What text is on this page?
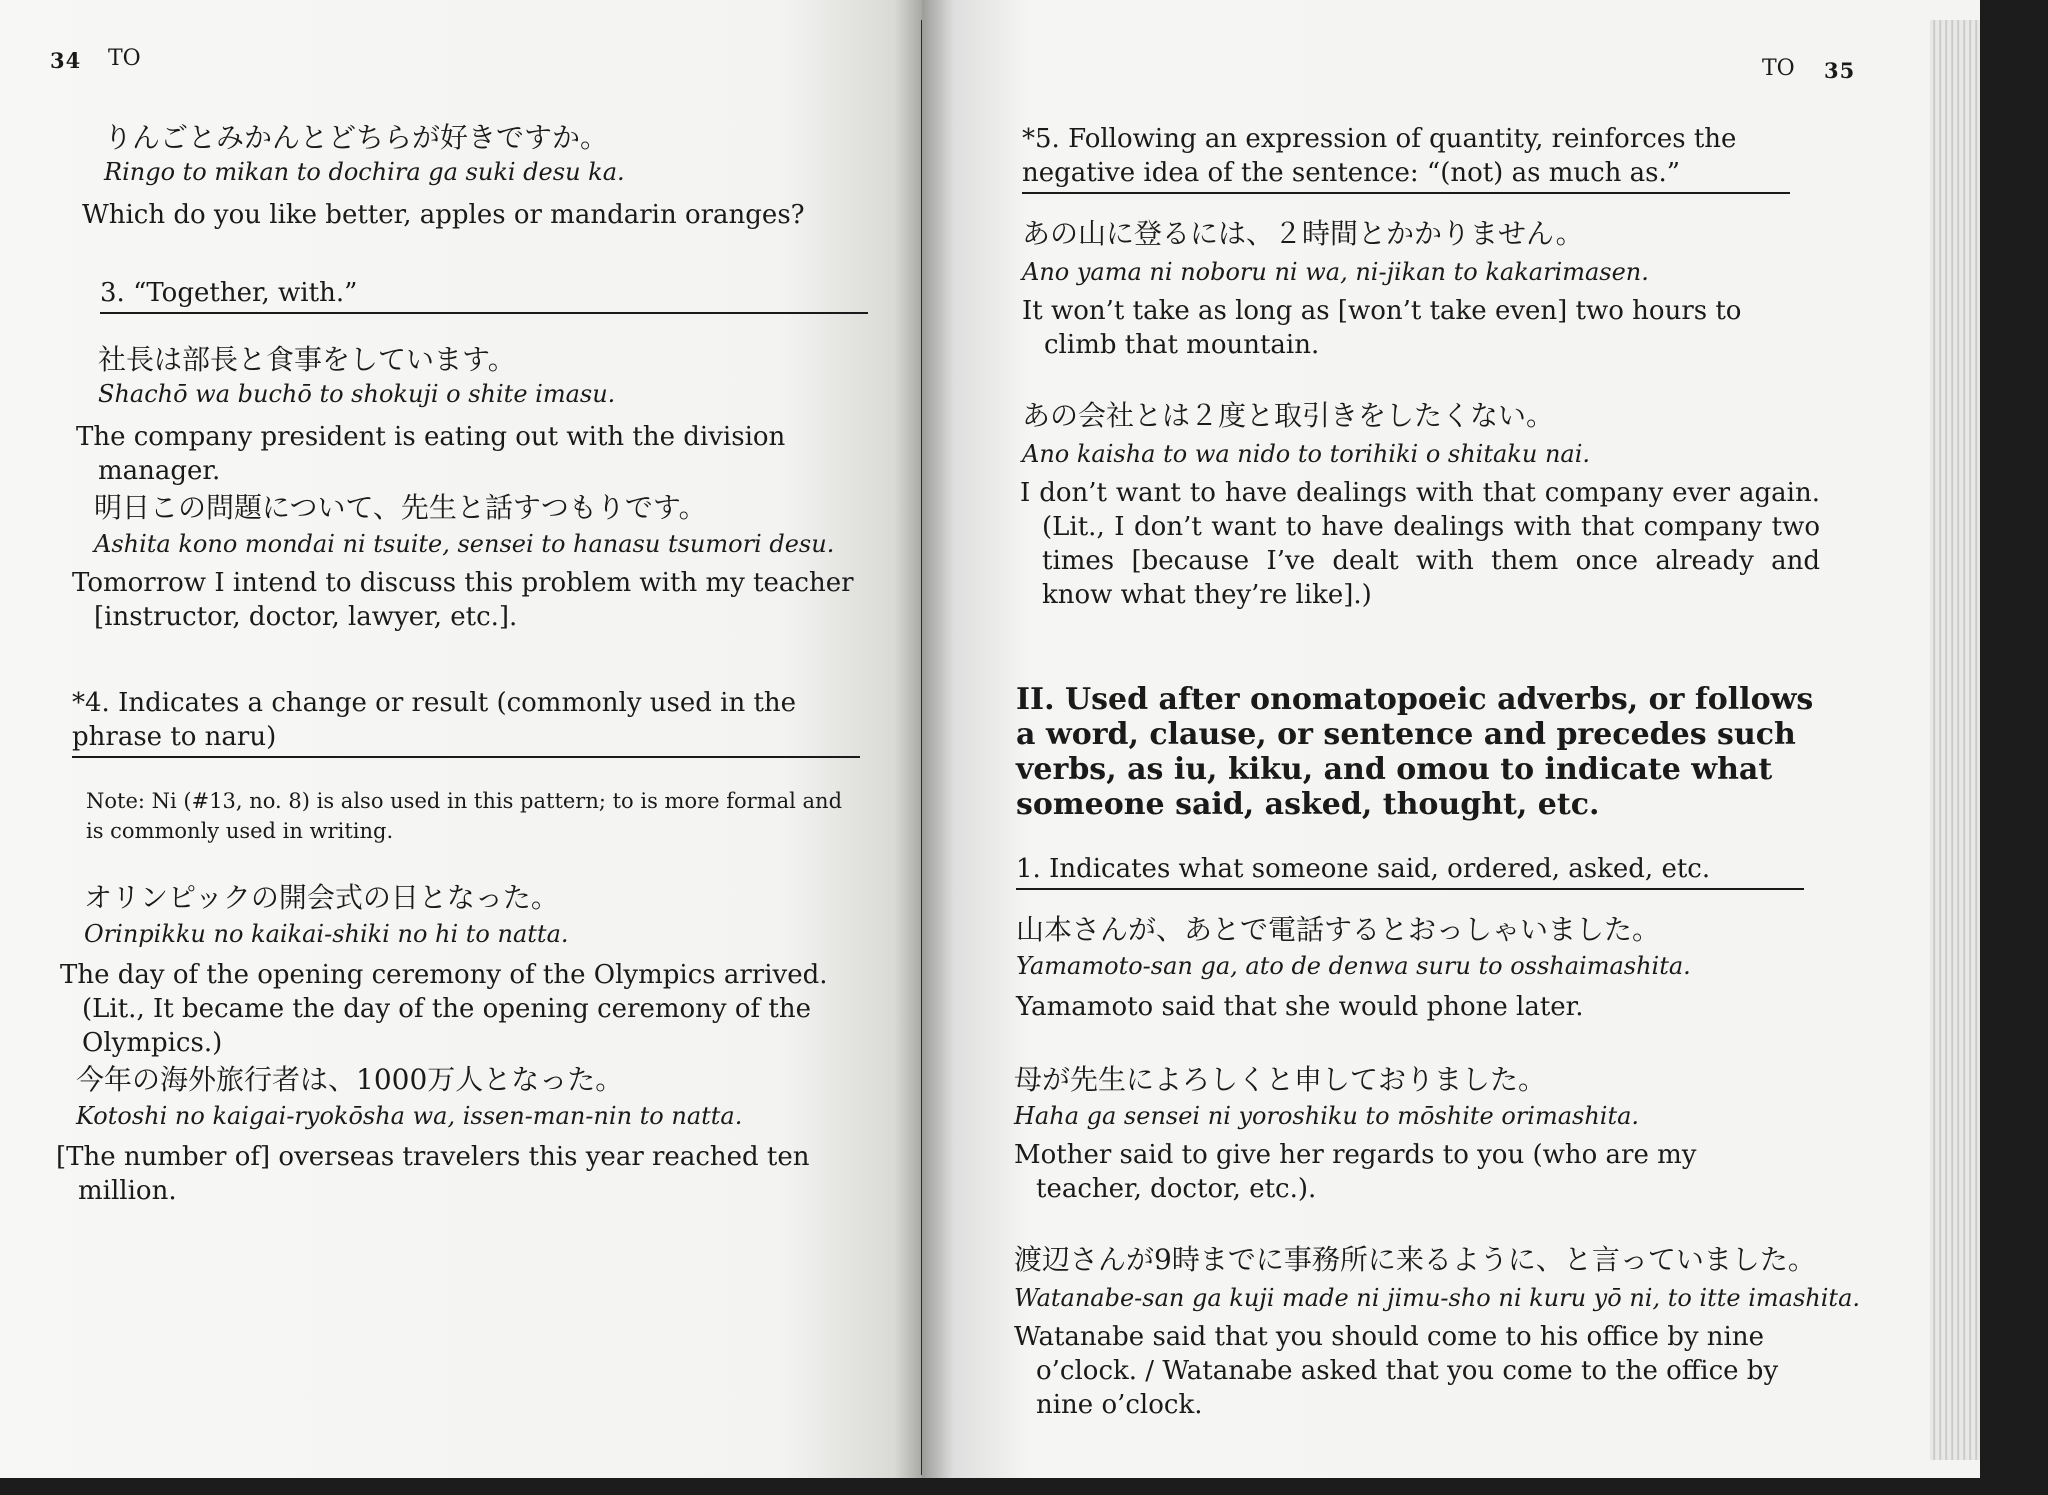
34 TO
りんごとみかんとどちらが好きですか。
Ringo to mikan to dochira ga suki desu ka.
Which do you like better, apples or mandarin oranges?
3. “Together, with.”
社長は部長と食事をしています。
Shachō wa buchō to shokuji o shite imasu.
The company president is eating out with the division manager.
明日この問題について、先生と話すつもりです。
Ashita kono mondai ni tsuite, sensei to hanasu tsumori desu.
Tomorrow I intend to discuss this problem with my teacher [instructor, doctor, lawyer, etc.].
*4. Indicates a change or result (commonly used in the phrase to naru)
Note: Ni (#13, no. 8) is also used in this pattern; to is more formal and is commonly used in writing.
オリンピックの開会式の日となった。
Orinpikku no kaikai-shiki no hi to natta.
The day of the opening ceremony of the Olympics arrived. (Lit., It became the day of the opening ceremony of the Olympics.)
今年の海外旅行者は、1000万人となった。
Kotoshi no kaigai-ryokōsha wa, issen-man-nin to natta.
[The number of] overseas travelers this year reached ten million.
TO 35
*5. Following an expression of quantity, reinforces the negative idea of the sentence: “(not) as much as.”
あの山に登るには、２時間とかかりません。
Ano yama ni noboru ni wa, ni-jikan to kakarimasen.
It won’t take as long as [won’t take even] two hours to climb that mountain.
あの会社とは２度と取引きをしたくない。
Ano kaisha to wa nido to torihiki o shitaku nai.
I don’t want to have dealings with that company ever again. (Lit., I don’t want to have dealings with that company two times [because I’ve dealt with them once already and know what they’re like].)
II. Used after onomatopoeic adverbs, or follows a word, clause, or sentence and precedes such verbs, as iu, kiku, and omou to indicate what someone said, asked, thought, etc.
1. Indicates what someone said, ordered, asked, etc.
山本さんが、あとで電話するとおっしゃいました。
Yamamoto-san ga, ato de denwa suru to osshaimashita.
Yamamoto said that she would phone later.
母が先生によろしくと申しておりました。
Haha ga sensei ni yoroshiku to mōshite orimashita.
Mother said to give her regards to you (who are my teacher, doctor, etc.).
渡辺さんが9時までに事務所に来るように、と言っていました。
Watanabe-san ga kuji made ni jimu-sho ni kuru yō ni, to itte imashita.
Watanabe said that you should come to his office by nine o’clock. / Watanabe asked that you come to the office by nine o’clock.
